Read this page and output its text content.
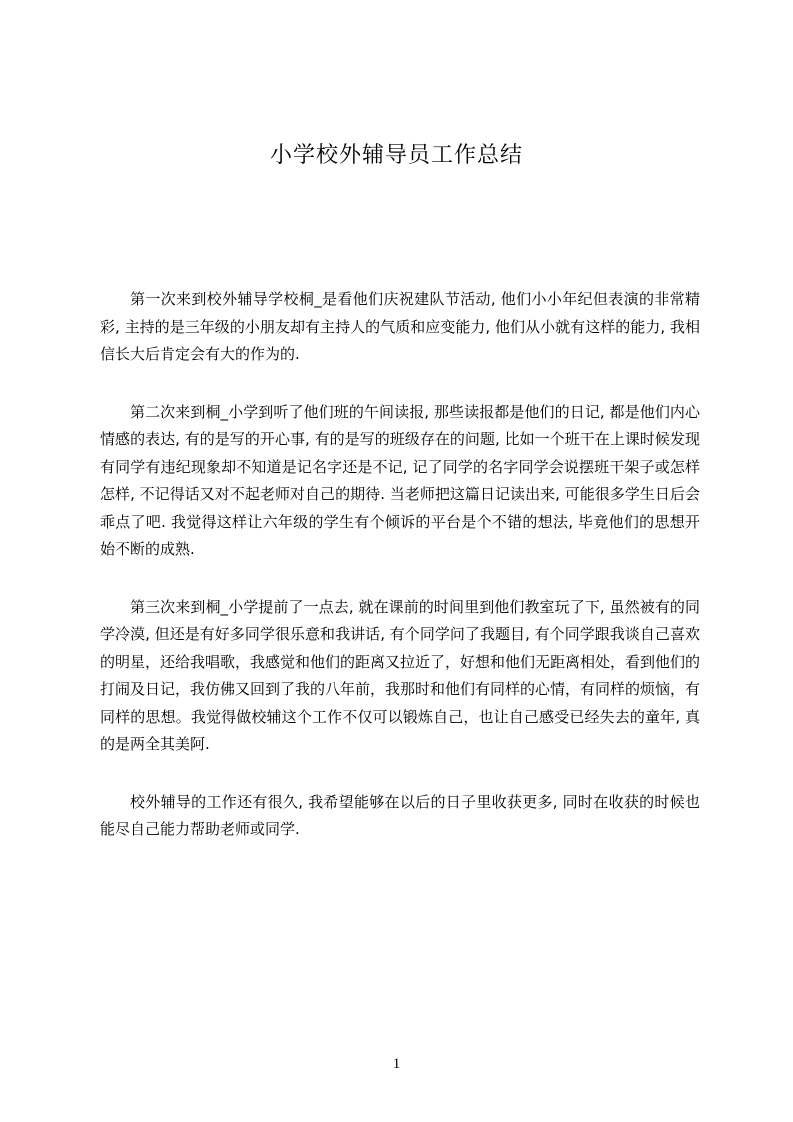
小学校外辅导员工作总结

第一次来到校外辅导学校桐_是看他们庆祝建队节活动, 他们小小年纪但表演的非常精彩, 主持的是三年级的小朋友却有主持人的气质和应变能力, 他们从小就有这样的能力, 我相信长大后肯定会有大的作为的.

第二次来到桐_小学到听了他们班的午间读报, 那些读报都是他们的日记, 都是他们内心情感的表达, 有的是写的开心事, 有的是写的班级存在的问题, 比如一个班干在上课时候发现有同学有违纪现象却不知道是记名字还是不记, 记了同学的名字同学会说摆班干架子或怎样怎样, 不记得话又对不起老师对自己的期待. 当老师把这篇日记读出来, 可能很多学生日后会乖点了吧. 我觉得这样让六年级的学生有个倾诉的平台是个不错的想法, 毕竟他们的思想开始不断的成熟.

第三次来到桐_小学提前了一点去, 就在课前的时间里到他们教室玩了下, 虽然被有的同学冷漠, 但还是有好多同学很乐意和我讲话, 有个同学问了我题目, 有个同学跟我谈自己喜欢的明星，还给我唱歌，我感觉和他们的距离又拉近了，好想和他们无距离相处，看到他们的打闹及日记，我仿佛又回到了我的八年前，我那时和他们有同样的心情，有同样的烦恼，有同样的思想。我觉得做校辅这个工作不仅可以锻炼自己，也让自己感受已经失去的童年, 真的是两全其美阿.

校外辅导的工作还有很久, 我希望能够在以后的日子里收获更多, 同时在收获的时候也能尽自己能力帮助老师或同学.

1
